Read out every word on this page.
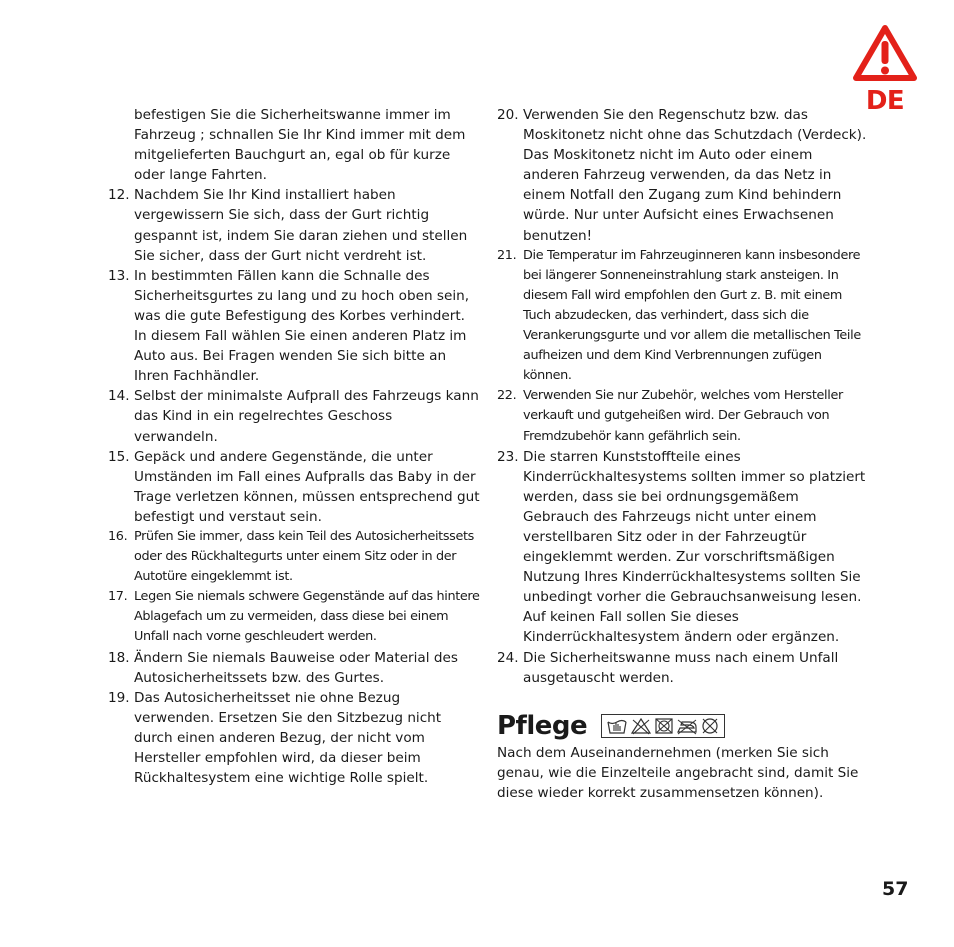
DE

befestigen Sie die Sicherheitswanne immer im Fahrzeug ; schnallen Sie Ihr Kind immer mit dem mitgelieferten Bauchgurt an, egal ob für kurze oder lange Fahrten.

12. Nachdem Sie Ihr Kind installiert haben vergewissern Sie sich, dass der Gurt richtig gespannt ist, indem Sie daran ziehen und stellen Sie sicher, dass der Gurt nicht verdreht ist.
13. In bestimmten Fällen kann die Schnalle des Sicherheitsgurtes zu lang und zu hoch oben sein, was die gute Befestigung des Korbes verhindert. In diesem Fall wählen Sie einen anderen Platz im Auto aus. Bei Fragen wenden Sie sich bitte an Ihren Fachhändler.
14. Selbst der minimalste Aufprall des Fahrzeugs kann das Kind in ein regelrechtes Geschoss verwandeln.
15. Gepäck und andere Gegenstände, die unter Umständen im Fall eines Aufpralls das Baby in der Trage verletzen können, müssen entsprechend gut befestigt und verstaut sein.
16. Prüfen Sie immer, dass kein Teil des Autosicherheitssets oder des Rückhaltegurts unter einem Sitz oder in der Autotüre eingeklemmt ist.
17. Legen Sie niemals schwere Gegenstände auf das hintere Ablagefach um zu vermeiden, dass diese bei einem Unfall nach vorne geschleudert werden.
18. Ändern Sie niemals Bauweise oder Material des Autosicherheitssets bzw. des Gurtes.
19. Das Autosicherheitsset nie ohne Bezug verwenden. Ersetzen Sie den Sitzbezug nicht durch einen anderen Bezug, der nicht vom Hersteller empfohlen wird, da dieser beim Rückhaltesystem eine wichtige Rolle spielt.
20. Verwenden Sie den Regenschutz bzw. das Moskitonetz nicht ohne das Schutzdach (Verdeck). Das Moskitonetz nicht im Auto oder einem anderen Fahrzeug verwenden, da das Netz in einem Notfall den Zugang zum Kind behindern würde. Nur unter Aufsicht eines Erwachsenen benutzen!
21. Die Temperatur im Fahrzeuginneren kann insbesondere bei längerer Sonneneinstrahlung stark ansteigen. In diesem Fall wird empfohlen den Gurt z. B. mit einem Tuch abzudecken, das verhindert, dass sich die Verankerungsgurte und vor allem die metallischen Teile aufheizen und dem Kind Verbrennungen zufügen können.
22. Verwenden Sie nur Zubehör, welches vom Hersteller verkauft und gutgeheißen wird. Der Gebrauch von Fremdzubehör kann gefährlich sein.
23. Die starren Kunststoffteile eines Kinderrückhaltesystems sollten immer so platziert werden, dass sie bei ordnungsgemäßem Gebrauch des Fahrzeugs nicht unter einem verstellbaren Sitz oder in der Fahrzeugtür eingeklemmt werden. Zur vorschriftsmäßigen Nutzung Ihres Kinderrückhaltesystems sollten Sie unbedingt vorher die Gebrauchsanweisung lesen. Auf keinen Fall sollen Sie dieses Kinderrückhaltesystem ändern oder ergänzen.
24. Die Sicherheitswanne muss nach einem Unfall ausgetauscht werden.
Pflege

Nach dem Auseinandernehmen (merken Sie sich genau, wie die Einzelteile angebracht sind, damit Sie diese wieder korrekt zusammensetzen können).

57
